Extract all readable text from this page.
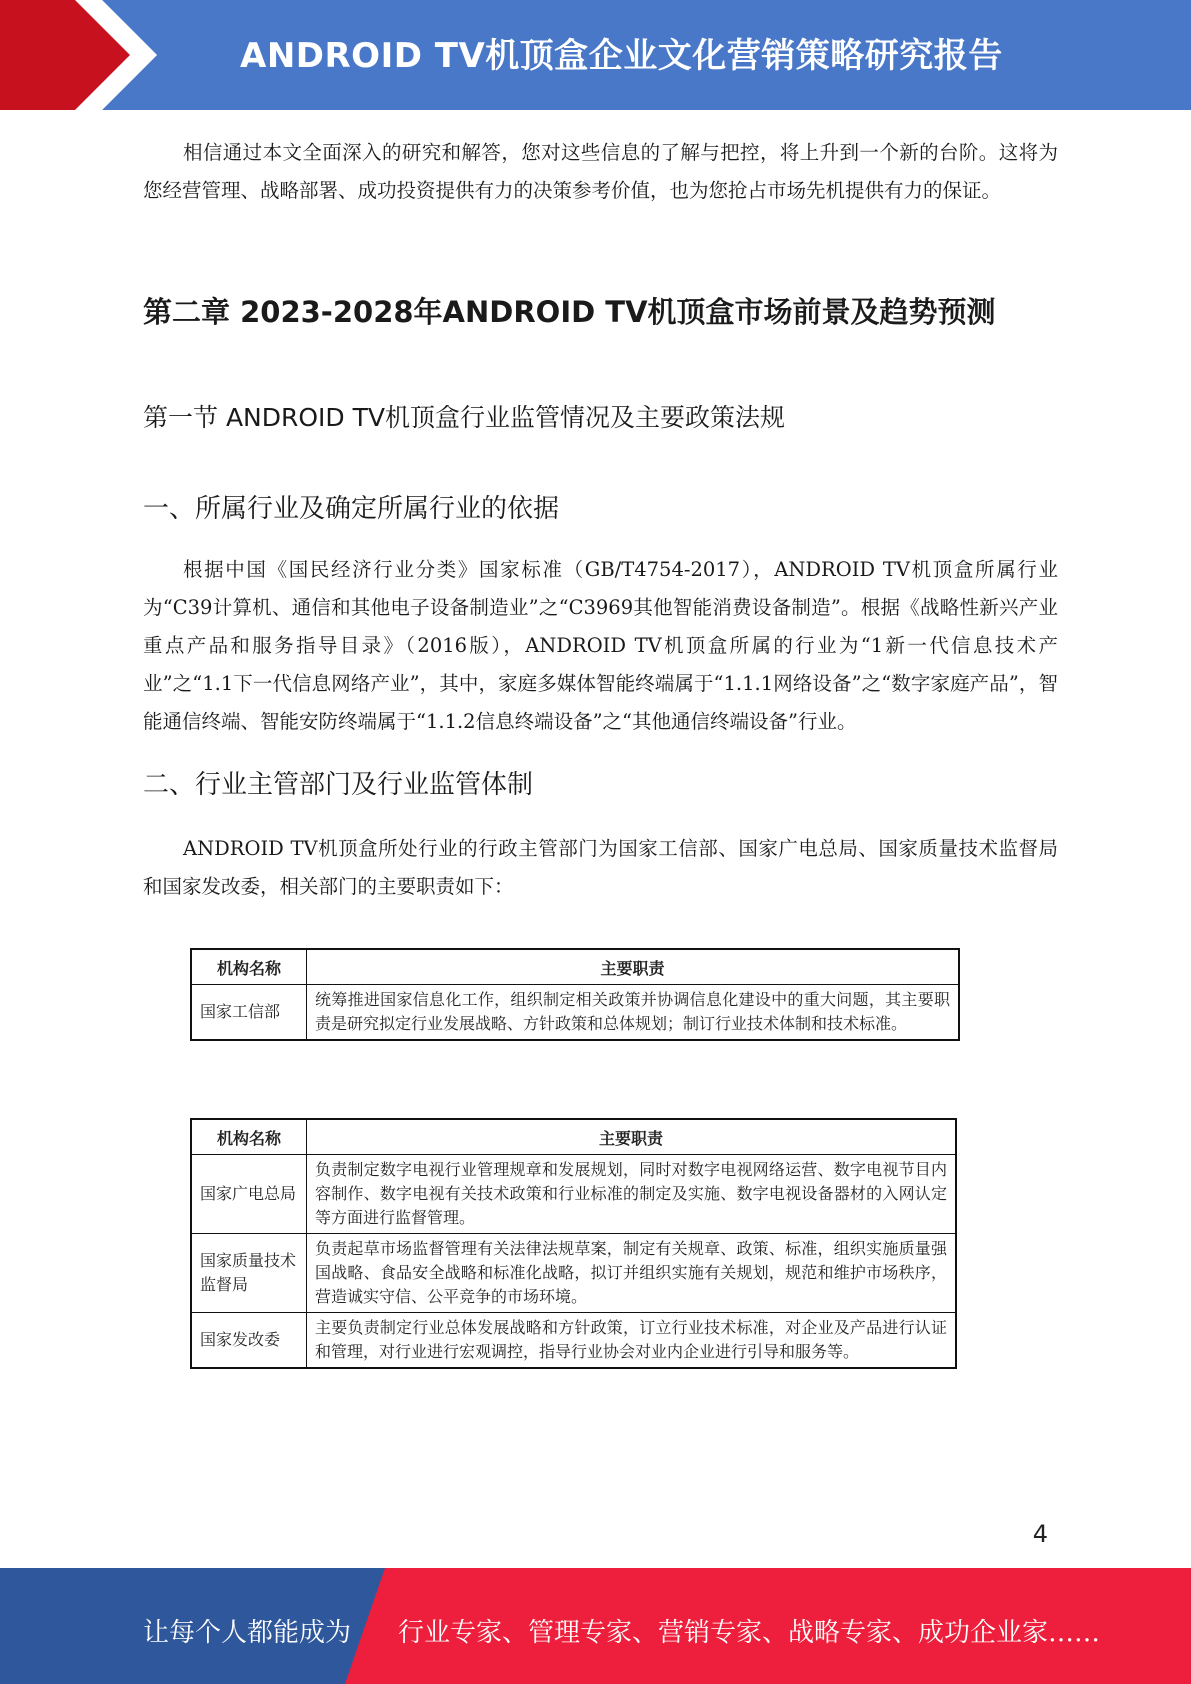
ANDROID TV机顶盒企业文化营销策略研究报告

相信通过本文全面深入的研究和解答，您对这些信息的了解与把控，将上升到一个新的台阶。这将为您经营管理、战略部署、成功投资提供有力的决策参考价值，也为您抢占市场先机提供有力的保证。

第二章 2023-2028年ANDROID TV机顶盒市场前景及趋势预测
第一节 ANDROID TV机顶盒行业监管情况及主要政策法规
一、所属行业及确定所属行业的依据

根据中国《国民经济行业分类》国家标准（GB/T4754-2017），ANDROID TV机顶盒所属行业为“C39计算机、通信和其他电子设备制造业”之“C3969其他智能消费设备制造”。根据《战略性新兴产业重点产品和服务指导目录》（2016版），ANDROID TV机顶盒所属的行业为“1新一代信息技术产业”之“1.1下一代信息网络产业”，其中，家庭多媒体智能终端属于“1.1.1网络设备”之“数字家庭产品”，智能通信终端、智能安防终端属于“1.1.2信息终端设备”之“其他通信终端设备”行业。

二、行业主管部门及行业监管体制

ANDROID TV机顶盒所处行业的行政主管部门为国家工信部、国家广电总局、国家质量技术监督局和国家发改委，相关部门的主要职责如下：

机构名称	主要职责
国家工信部	统筹推进国家信息化工作，组织制定相关政策并协调信息化建设中的重大问题，其主要职责是研究拟定行业发展战略、方针政策和总体规划；制订行业技术体制和技术标准。
机构名称	主要职责
国家广电总局	负责制定数字电视行业管理规章和发展规划，同时对数字电视网络运营、数字电视节目内容制作、数字电视有关技术政策和行业标准的制定及实施、数字电视设备器材的入网认定等方面进行监督管理。
国家质量技术监督局	负责起草市场监督管理有关法律法规草案，制定有关规章、政策、标准，组织实施质量强国战略、食品安全战略和标准化战略，拟订并组织实施有关规划，规范和维护市场秩序，营造诚实守信、公平竞争的市场环境。
国家发改委	主要负责制定行业总体发展战略和方针政策，订立行业技术标准，对企业及产品进行认证和管理，对行业进行宏观调控，指导行业协会对业内企业进行引导和服务等。
4
让每个人都能成为 行业专家、管理专家、营销专家、战略专家、成功企业家……
